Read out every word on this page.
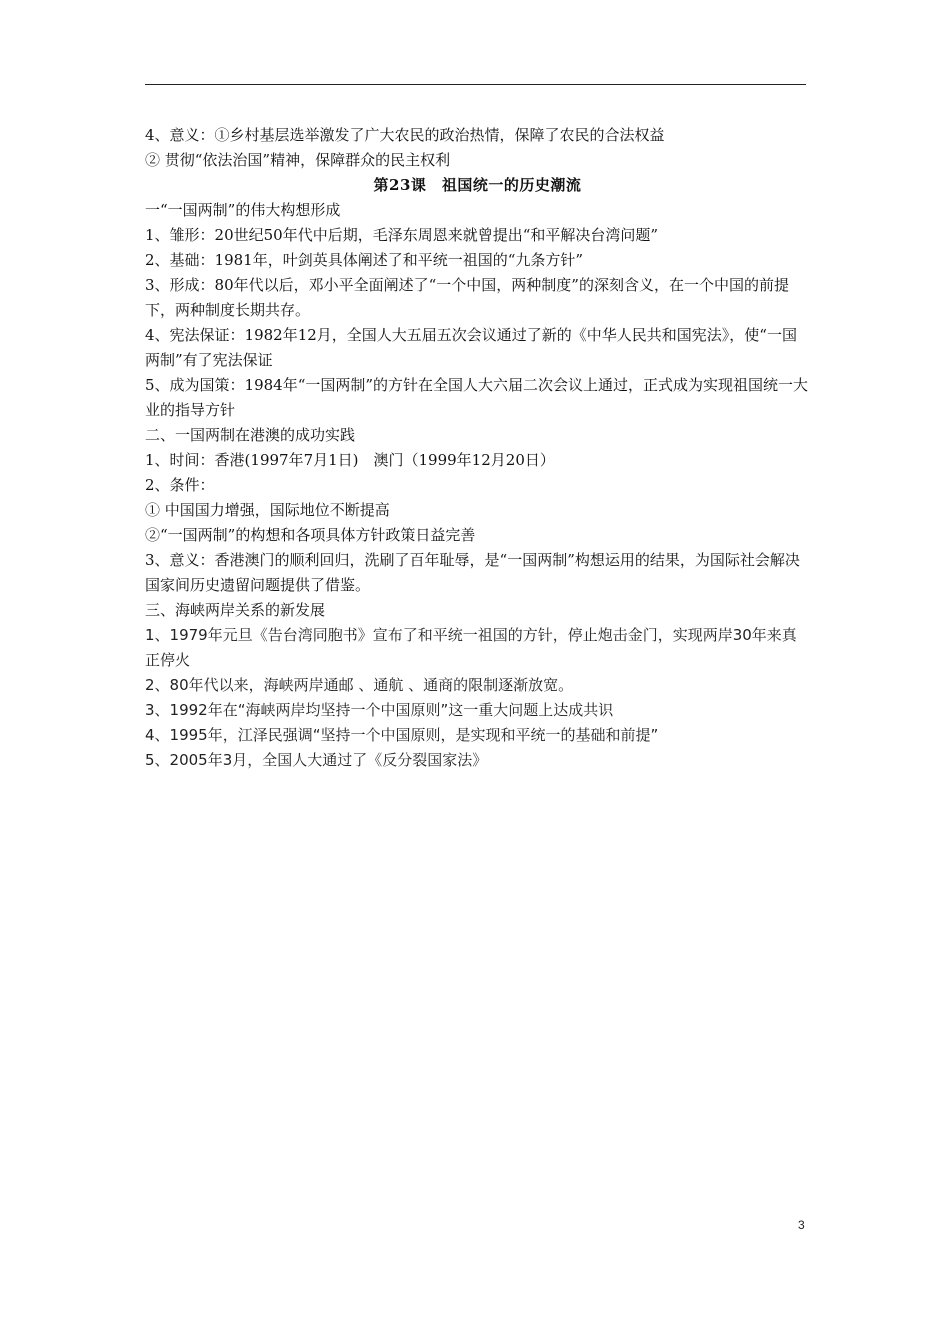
4、意义：①乡村基层选举激发了广大农民的政治热情，保障了农民的合法权益
② 贯彻“依法治国”精神，保障群众的民主权利
第23课　祖国统一的历史潮流
一“一国两制”的伟大构想形成
1、雏形：20世纪50年代中后期，毛泽东周恩来就曾提出“和平解决台湾问题”
2、基础：1981年，叶剑英具体阐述了和平统一祖国的“九条方针”
3、形成：80年代以后，邓小平全面阐述了“一个中国，两种制度”的深刻含义，在一个中国的前提下，两种制度长期共存。
4、宪法保证：1982年12月，全国人大五届五次会议通过了新的《中华人民共和国宪法》，使“一国两制”有了宪法保证
5、成为国策：1984年“一国两制”的方针在全国人大六届二次会议上通过，正式成为实现祖国统一大业的指导方针
二、一国两制在港澳的成功实践
1、时间：香港(1997年7月1日)　澳门（1999年12月20日）
2、条件：
① 中国国力增强，国际地位不断提高
②“一国两制”的构想和各项具体方针政策日益完善
3、意义：香港澳门的顺利回归，洗刷了百年耻辱，是“一国两制”构想运用的结果，为国际社会解决国家间历史遗留问题提供了借鉴。
三、海峡两岸关系的新发展
1、1979年元旦《告台湾同胞书》宣布了和平统一祖国的方针，停止炮击金门，实现两岸30年来真正停火
2、80年代以来，海峡两岸通邮 、通航 、通商的限制逐渐放宽。
3、1992年在“海峡两岸均坚持一个中国原则”这一重大问题上达成共识
4、1995年，江泽民强调“坚持一个中国原则，是实现和平统一的基础和前提”
5、2005年3月，全国人大通过了《反分裂国家法》
3
